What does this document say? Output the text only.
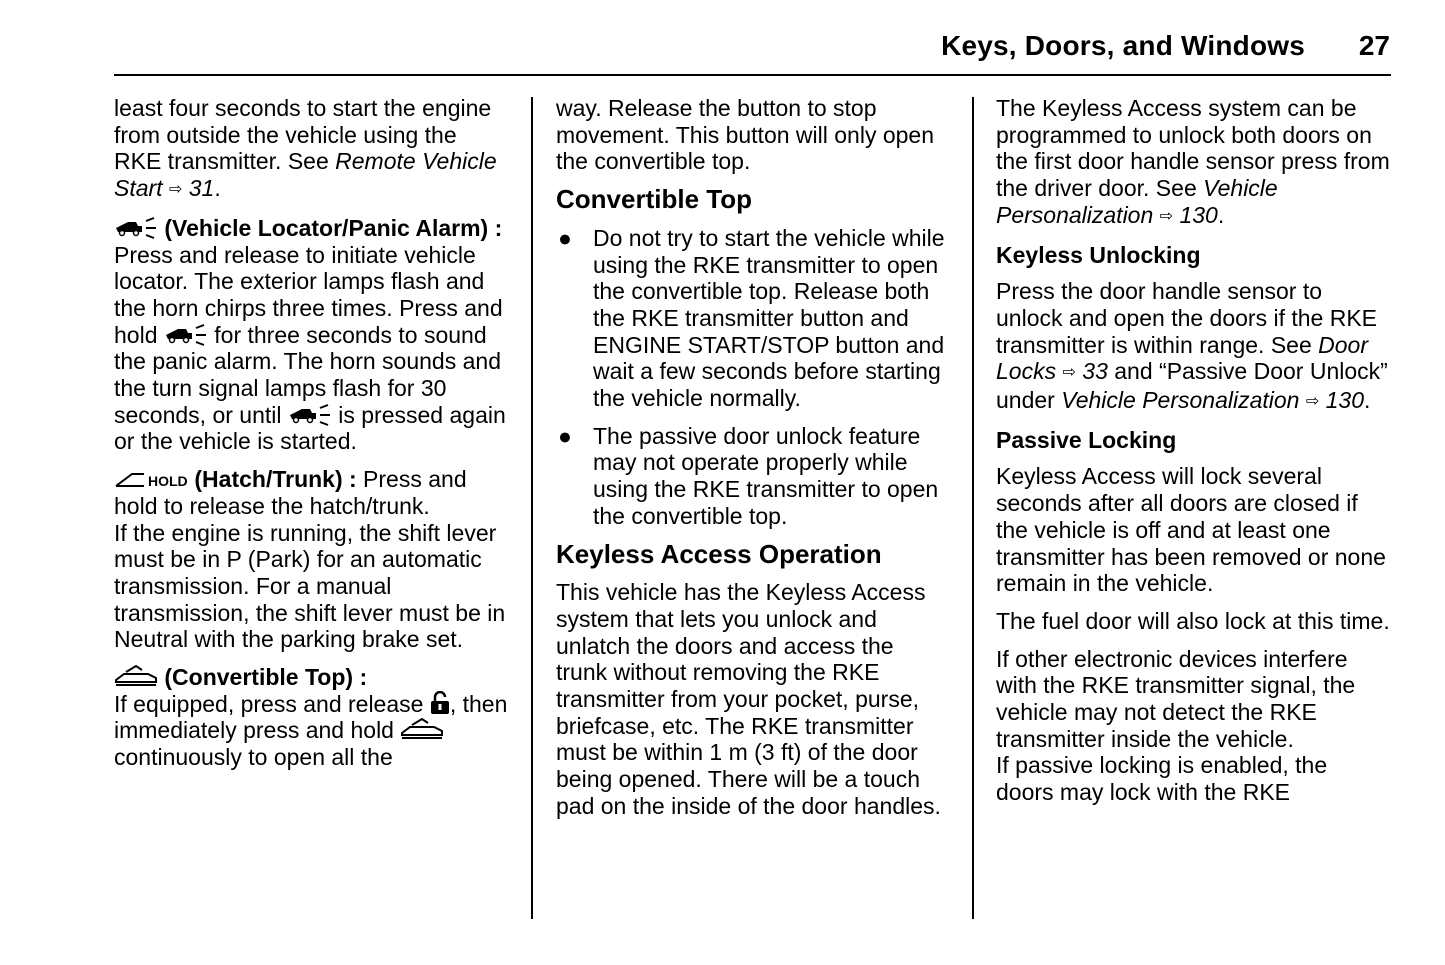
Keys, Doors, and Windows 27

least four seconds to start the engine from outside the vehicle using the RKE transmitter. See Remote Vehicle Start ⇨ 31.

(Vehicle Locator/Panic Alarm) : Press and release to initiate vehicle locator. The exterior lamps flash and the horn chirps three times. Press and hold
for three seconds to sound the panic alarm. The horn sounds and the turn signal lamps flash for 30 seconds, or until
is pressed again or the vehicle is started.

HOLD (Hatch/Trunk) : Press and hold to release the hatch/trunk.

If the engine is running, the shift lever must be in P (Park) for an automatic transmission. For a manual transmission, the shift lever must be in Neutral with the parking brake set.

(Convertible Top) :

If equipped, press and release
, then immediately press and hold
continuously to open all the

way. Release the button to stop movement. This button will only open the convertible top.

Convertible Top
● Do not try to start the vehicle while using the RKE transmitter to open the convertible top. Release both the RKE transmitter button and ENGINE START/STOP button and wait a few seconds before starting the vehicle normally.
● The passive door unlock feature may not operate properly while using the RKE transmitter to open the convertible top.
Keyless Access Operation

This vehicle has the Keyless Access system that lets you unlock and unlatch the doors and access the trunk without removing the RKE transmitter from your pocket, purse, briefcase, etc. The RKE transmitter must be within 1 m (3 ft) of the door being opened. There will be a touch pad on the inside of the door handles.

The Keyless Access system can be programmed to unlock both doors on the first door handle sensor press from the driver door. See Vehicle Personalization ⇨ 130.

Keyless Unlocking

Press the door handle sensor to unlock and open the doors if the RKE transmitter is within range. See Door Locks ⇨ 33 and “Passive Door Unlock” under Vehicle Personalization ⇨ 130.

Passive Locking

Keyless Access will lock several seconds after all doors are closed if the vehicle is off and at least one transmitter has been removed or none remain in the vehicle.

The fuel door will also lock at this time.

If other electronic devices interfere with the RKE transmitter signal, the vehicle may not detect the RKE transmitter inside the vehicle.

If passive locking is enabled, the doors may lock with the RKE
